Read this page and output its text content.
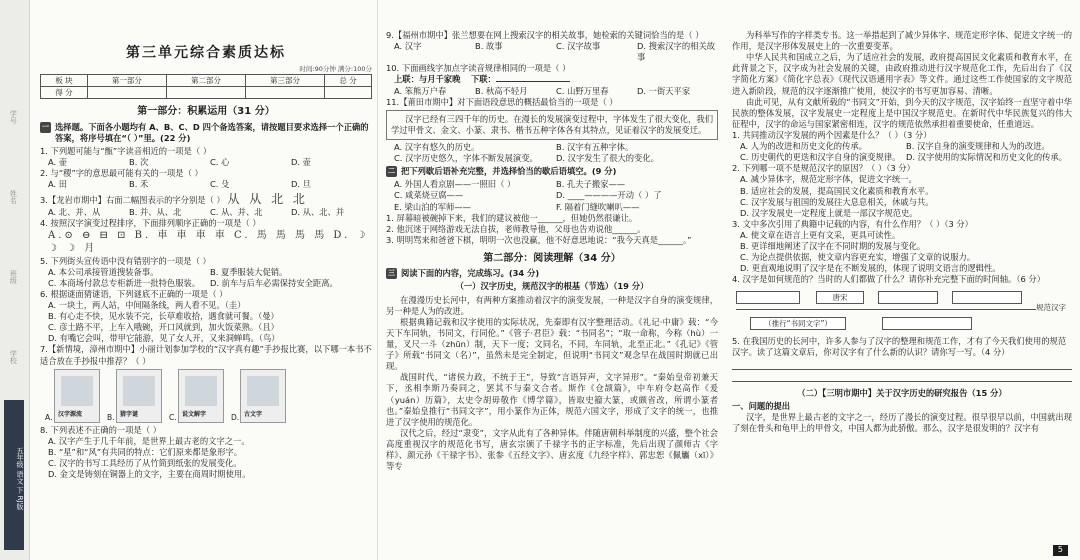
学号
姓名
班级
学校
五年级 语文 下 RJ版
第三单元综合素质达标
时间:90分钟 满分:100分
板 块	第一部分	第二部分	第三部分	总 分
得 分				
第一部分：积累运用（31 分）
一 选择题。下面各小题均有 A、B、C、D 四个备选答案，请按题目要求选择一个正确的答案，将序号填在“（ ）”里。(22 分)
1. 下列题可能与“甑”字读音相近的一项是（ ）
A. 壶	B. 次	C. 心	D. 壶
2. 与“稷”字的意思最可能有关的一项是（ ）
A. 田	B. 禾	C. 殳	D. 旦
3.【龙岩市期中】右面二幅图表示的字分别是（ ） 从 从 北 北
A. 北、并、从	B. 并、从、北	C. 从、并、北	D. 从、北、并
4. 按照汉字演变过程排序，下面排列顺序正确的一项是（ ）
A.⊙ ⊖ ⊟ ⊡ B. 車 車 車 車 C. 馬 馬 馬 馬 D. ☽ ☽ ☽ 月
5. 下列街头宣传语中没有错别字的一项是（ ）
A. 本公司承接管道搜装备事。	B. 夏季服装大促销。
C. 本商场付款总专柜新进一批特色服装。	D. 前车与后车必需保持安全距离。
6. 根据谜面猜谜语，下列谜底不正确的一项是（ ）
A. 一块土，两人站，中间隔条线，两人看不见。（圭）
B. 有心走不快，见水装不完，长草难收拾，遇食就可餐。（曼）
C. 彦土路不平，上车入哦碗，开口风就到，加火饭菜熟。（且）
D. 有嘴它会叫，带甲它能游，见了女人开，又来洞蝉鸣。（鸟）
7.【新情境，漳州市期中】小丽计划参加学校的“汉字真有趣”手抄报比赛，以下哪一本书不适合放在手抄报中推荐？（ ）
A. 汉字源流	B. 猜字谜	C. 说文解字	D. 古文字
8. 下列表述不正确的一项是（ ）
A. 汉字产生于几千年前，是世界上最古老的文字之一。
B. “星”和“风”有共同的特点：它们原来都是象形字。
C. 汉字的书写工具经历了从竹简到纸张的发展变化。
D. 金文是铸刻在铜器上的文字，主要在商周时期使用。
9.【福州市期中】张兰想要在网上搜索汉字的相关故事，她检索的关键词恰当的是（ ）
A. 汉字	B. 故事	C. 汉字故事	D. 搜索汉字的相关故事
10. 下面画线字加点字读音规律相同的一项是（ ）
上联：与月千家晚 下联：
A. 笨熊万户春	B. 秋高不轻月	C. 山野万里春	D. 一街天平家
11.【莆田市期中】对下面语段意思的概括最恰当的一项是（ ）
汉字已经有三四千年的历史。在漫长的发展演变过程中，字体发生了很大变化，我们学过甲骨文、金文、小篆、隶书、楷书五种字体各有其特点，见证着汉字的发展变迁。
A. 汉字有悠久的历史。	B. 汉字有五种字体。
C. 汉字历史悠久，字体不断发展演变。	D. 汉字发生了很大的变化。
二 把下列歇后语补充完整，并选择恰当的歇后语填空。(9 分)
A. 外国人看京剧——一照旧（ ）	B. 孔夫子搬家——
C. 咸菜烧豆腐——	D. ____————开动（ ）了
E. 梁山泊的军师——	F. 隔着门缝吹喇叭——
1. 屏幕暗被碗掉下来，我们的建议被他一______，但她仍然很谦让。
2. 他沉迷于网络游戏无法自拔，老师教导他，父母也告劝说他______。
3. 明明骂来和爸爸下棋，明明一次也没赢，他不好意思地说：“我今天真是______。”
第二部分：阅读理解（34 分）
三 阅读下面的内容，完成练习。(34 分)
（一）汉字历史，规范汉字的根基（节选）（19 分）
在漫漫历史长河中，有两种方案推动着汉字的演变发展，一种是汉字自身的演变规律，另一种是人为的改进。
根据典籍记载和汉字使用的实际状况，先秦即有汉字整理活动。《礼记·中庸》载：“今天下车同轨，书同文，行同伦。”《管子·君臣》载：“书同名”；“取一命称，今称（hù）一量，叉尺一斗（zhūn）制，天下一度；文同名，不同，车同轨，北至正北。”《孔记》《管子》所载“书同文（名）”，虽然未是完全制定，但说明“书同文”观念早在战国时期就已出现。
战国时代，“诸侯力政，不统于王”，导致“言语异声，文字异形”。“秦始皇帝初兼天下，丞相李斯乃奏同之，罢其不与秦文合者。斯作《仓颉篇》，中车府令赵高作《爰（yuán）历篇》，太史令胡毋敬作《博学篇》，皆取史籀大篆，或颇省改，所谓小篆者也。”秦始皇推行“书同文字”，用小篆作为正体，规范六国文字，形成了文字的统一，也推进了汉字使用的规范化。
汉代之后，经过“隶变”，文字从此有了各种异体。伴随唐朝科举制度的兴盛，整个社会高度重视汉字的规范化书写，唐玄宗颁了千禄字书的正字标准，先后出现了颜师古《字样》、颜元孙《干禄字书》、张参《五经文字》、唐玄度《九经字样》、郭忠恕《佩觿（xī）》等专
为科举写作的字样类专书。这一举措起到了减少异体字、规范定形字体、促进文字统一的作用，是汉字形体发展史上的一次重要变革。
中华人民共和国成立之后，为了适应社会的发展，政府提高国民文化素质和教育水平，在此背景之下，汉字成为社会发展的关键，由政府推动进行汉字规范化工作，先后出台了《汉字简化方案》《简化字总表》《现代汉语通用字表》等文件。通过这些工作使国家的文字规范进入新阶段，规范的汉字逐渐推广使用，使汉字的书写更加容易、清晰。
由此可见，从有文献所载的“书同文”开始，到今天的汉字规范，汉字始终一直坚守着中华民族的整体发展，汉字发展史一定程度上是中国汉字规范史。在新时代中华民族复兴的伟大征程中，汉字的命运与国家紧密相连，汉字的规范依然承担着重要使命，任重道远。
1. 共同推动汉字发展的两个因素是什么？（ ）（3 分）
A. 人为的改进和历史文化的传承。	B. 汉字自身的演变规律和人为的改进。
C. 历史朝代的更迭和汉字自身的演变规律。 D. 汉字使用的实际情况和历史文化的传承。
2. 下列哪一项不是规范汉字的原因？（ ）（3 分）
A. 减少异体字，规范定形字体，促进文字统一。
B. 适应社会的发展，提高国民文化素质和教育水平。
C. 汉字发展与祖国的发展往大息息相关，休戚与共。
D. 汉字发展史一定程度上就是一部汉字规范史。
3. 文中多次引用了典籍中记载的内容，有什么作用？（ ）（3 分）
A. 使文章在语言上更有文采，更具可读性。
B. 更详细地阐述了汉字在不同时期的发展与变化。
C. 为论点提供依据，使文章内容更充实，增强了文章的说服力。
D. 更直观地说明了汉字是在不断发展的，体现了说明文语言的逻辑性。
4. 汉字是如何规范的？当时的人们都做了什么？请你补充完整下面的时间轴。（6 分）
唐宋
（推行“书同文字”）
规范汉字
5. 在我国历史的长河中，许多人参与了汉字的整理和规范工作，才有了今天我们使用的规范汉字。读了这篇文章后，你对汉字有了什么新的认识？请你写一写。（4 分）
（二）【三明市期中】关于汉字历史的研究报告（15 分）
一、问题的提出
汉字，是世界上最古老的文字之一，经历了漫长的演变过程。很早很早以前，中国就出现了刻在骨头和龟甲上的甲骨文，中国人都为此骄傲。那么，汉字是很发明的？汉字有
5
